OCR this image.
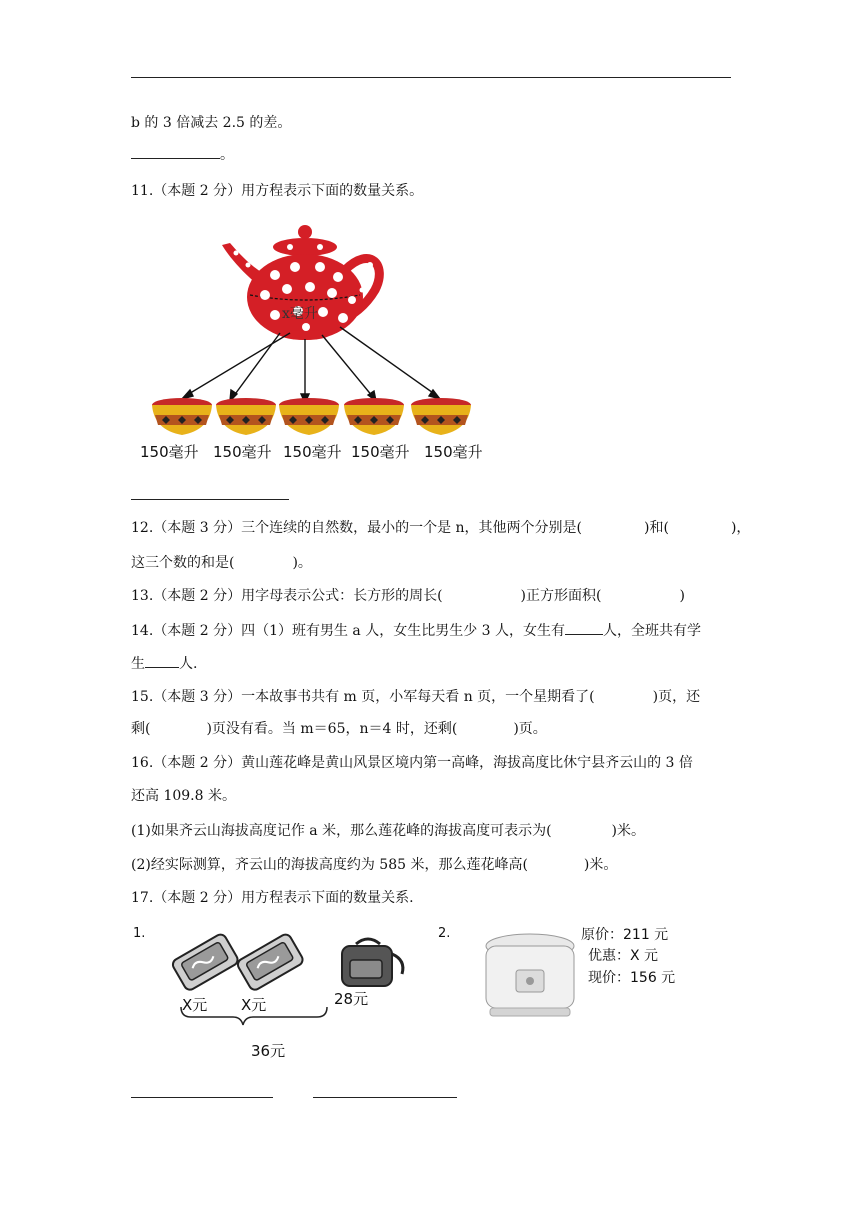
b 的 3 倍减去 2.5 的差。
。
11.（本题 2 分）用方程表示下面的数量关系。
x毫升
150毫升 150毫升 150毫升 150毫升 150毫升
12.（本题 3 分）三个连续的自然数，最小的一个是 n，其他两个分别是(	)和(	)，
这三个数的和是(	)。
13.（本题 2 分）用字母表示公式：长方形的周长(	)正方形面积(	)
14.（本题 2 分）四（1）班有男生 a 人，女生比男生少 3 人，女生有	人，全班共有学
生 人.
15.（本题 3 分）一本故事书共有 m 页，小军每天看 n 页，一个星期看了(	)页，还
剩(	)页没有看。当 m＝65，n＝4 时，还剩(	)页。
16.（本题 2 分）黄山莲花峰是黄山风景区境内第一高峰，海拔高度比休宁县齐云山的 3 倍
还高 109.8 米。
(1)如果齐云山海拔高度记作 a 米，那么莲花峰的海拔高度可表示为(	)米。
(2)经实际测算，齐云山的海拔高度约为 585 米，那么莲花峰高(	)米。
17.（本题 2 分）用方程表示下面的数量关系.
1.
X元 X元	28元
36元
2.	原价：211 元
优惠：X 元
现价：156 元
